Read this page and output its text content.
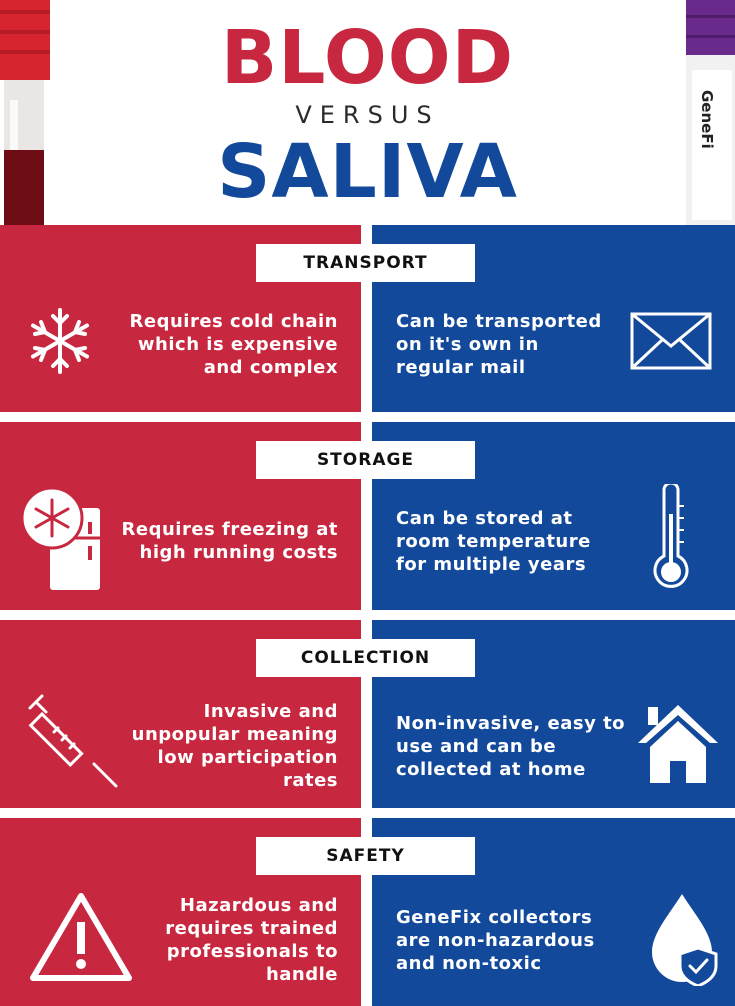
GeneFi
BLOOD
VERSUS
SALIVA
TRANSPORT
Requires cold chain which is expensive and complex
Can be transported on it's own in regular mail
STORAGE
Requires freezing at high running costs
Can be stored at room temperature for multiple years
COLLECTION
Invasive and unpopular meaning low participation rates
Non-invasive, easy to use and can be collected at home
SAFETY
Hazardous and requires trained professionals to handle
GeneFix collectors are non-hazardous and non-toxic
